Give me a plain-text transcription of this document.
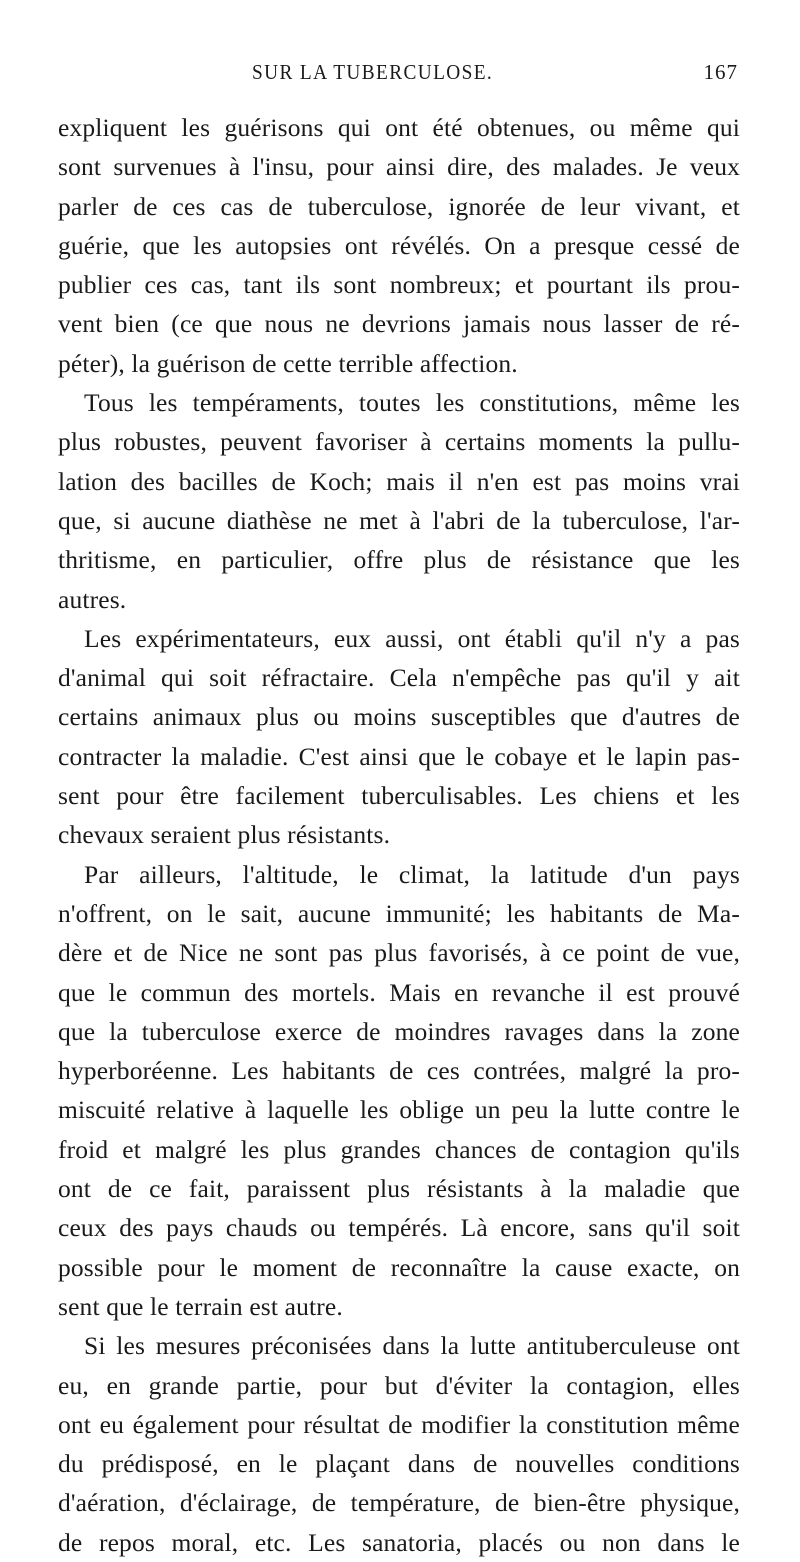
SUR LA TUBERCULOSE.	167
expliquent les guérisons qui ont été obtenues, ou même qui
sont survenues à l'insu, pour ainsi dire, des malades. Je veux
parler de ces cas de tuberculose, ignorée de leur vivant, et
guérie, que les autopsies ont révélés. On a presque cessé de
publier ces cas, tant ils sont nombreux; et pourtant ils prou-
vent bien (ce que nous ne devrions jamais nous lasser de ré-
péter), la guérison de cette terrible affection.
Tous les tempéraments, toutes les constitutions, même les
plus robustes, peuvent favoriser à certains moments la pullu-
lation des bacilles de Koch; mais il n'en est pas moins vrai
que, si aucune diathèse ne met à l'abri de la tuberculose, l'ar-
thritisme, en particulier, offre plus de résistance que les
autres.
Les expérimentateurs, eux aussi, ont établi qu'il n'y a pas
d'animal qui soit réfractaire. Cela n'empêche pas qu'il y ait
certains animaux plus ou moins susceptibles que d'autres de
contracter la maladie. C'est ainsi que le cobaye et le lapin pas-
sent pour être facilement tuberculisables. Les chiens et les
chevaux seraient plus résistants.
Par ailleurs, l'altitude, le climat, la latitude d'un pays
n'offrent, on le sait, aucune immunité; les habitants de Ma-
dère et de Nice ne sont pas plus favorisés, à ce point de vue,
que le commun des mortels. Mais en revanche il est prouvé
que la tuberculose exerce de moindres ravages dans la zone
hyperboréenne. Les habitants de ces contrées, malgré la pro-
miscuité relative à laquelle les oblige un peu la lutte contre le
froid et malgré les plus grandes chances de contagion qu'ils
ont de ce fait, paraissent plus résistants à la maladie que
ceux des pays chauds ou tempérés. Là encore, sans qu'il soit
possible pour le moment de reconnaître la cause exacte, on
sent que le terrain est autre.
Si les mesures préconisées dans la lutte antituberculeuse ont
eu, en grande partie, pour but d'éviter la contagion, elles
ont eu également pour résultat de modifier la constitution même
du prédisposé, en le plaçant dans de nouvelles conditions
d'aération, d'éclairage, de température, de bien-être physique,
de repos moral, etc. Les sanatoria, placés ou non dans le
